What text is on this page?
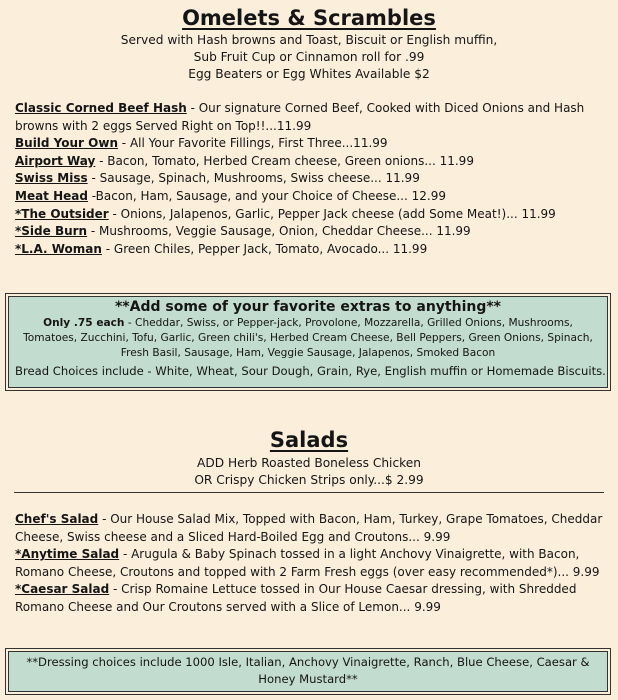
Omelets & Scrambles
Served with Hash browns and Toast, Biscuit or English muffin,
Sub Fruit Cup or Cinnamon roll for .99
Egg Beaters or Egg Whites Available $2
Classic Corned Beef Hash - Our signature Corned Beef, Cooked with Diced Onions and Hash browns with 2 eggs Served Right on Top!!...11.99
Build Your Own - All Your Favorite Fillings, First Three...11.99
Airport Way - Bacon, Tomato, Herbed Cream cheese, Green onions... 11.99
Swiss Miss - Sausage, Spinach, Mushrooms, Swiss cheese... 11.99
Meat Head -Bacon, Ham, Sausage, and your Choice of Cheese... 12.99
*The Outsider - Onions, Jalapenos, Garlic, Pepper Jack cheese (add Some Meat!)... 11.99
*Side Burn - Mushrooms, Veggie Sausage, Onion, Cheddar Cheese... 11.99
*L.A. Woman - Green Chiles, Pepper Jack, Tomato, Avocado... 11.99
**Add some of your favorite extras to anything**
Only .75 each - Cheddar, Swiss, or Pepper-jack, Provolone, Mozzarella, Grilled Onions, Mushrooms, Tomatoes, Zucchini, Tofu, Garlic, Green chili's, Herbed Cream Cheese, Bell Peppers, Green Onions, Spinach, Fresh Basil, Sausage, Ham, Veggie Sausage, Jalapenos, Smoked Bacon
Bread Choices include - White, Wheat, Sour Dough, Grain, Rye, English muffin or Homemade Biscuits.
Salads
ADD Herb Roasted Boneless Chicken
OR Crispy Chicken Strips only...$ 2.99
Chef's Salad - Our House Salad Mix, Topped with Bacon, Ham, Turkey, Grape Tomatoes, Cheddar Cheese, Swiss cheese and a Sliced Hard-Boiled Egg and Croutons... 9.99
*Anytime Salad - Arugula & Baby Spinach tossed in a light Anchovy Vinaigrette, with Bacon, Romano Cheese, Croutons and topped with 2 Farm Fresh eggs (over easy recommended*)... 9.99
*Caesar Salad - Crisp Romaine Lettuce tossed in Our House Caesar dressing, with Shredded Romano Cheese and Our Croutons served with a Slice of Lemon... 9.99
**Dressing choices include 1000 Isle, Italian, Anchovy Vinaigrette, Ranch, Blue Cheese, Caesar & Honey Mustard**
